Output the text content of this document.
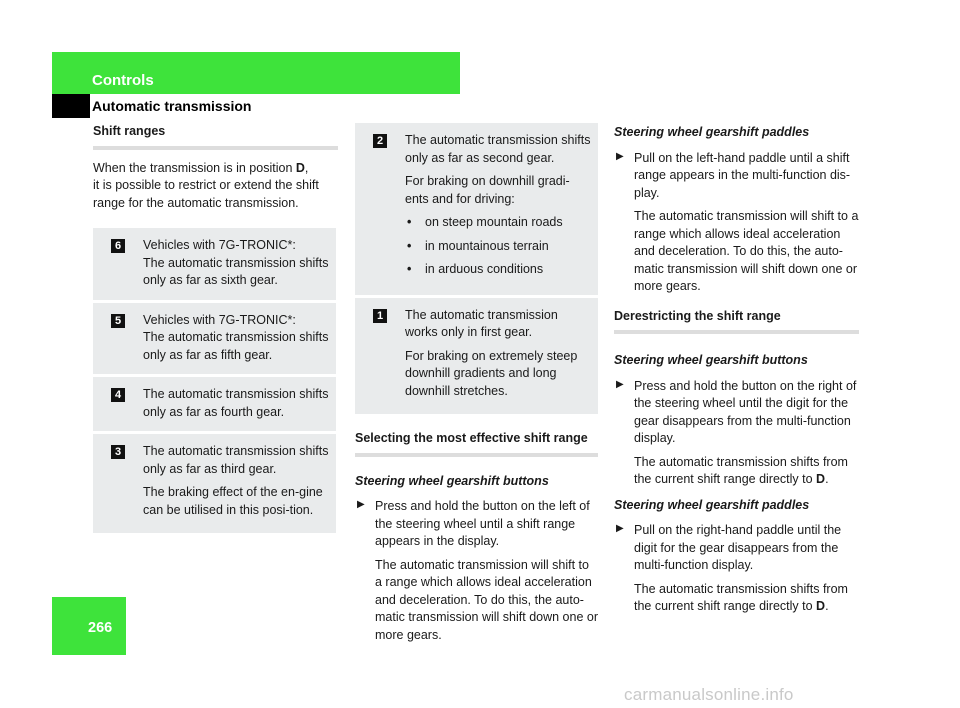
Controls
Automatic transmission
266
Shift ranges

When the transmission is in position D,
it is possible to restrict or extend the shift range for the automatic transmission.

6	Vehicles with 7G-TRONIC*:
The automatic transmission shifts only as far as sixth gear.
5	Vehicles with 7G-TRONIC*:
The automatic transmission shifts only as far as fifth gear.
4	The automatic transmission shifts only as far as fourth gear.
3	The automatic transmission shifts only as far as third gear.

The braking effect of the en-gine can be utilised in this posi-tion.

2	The automatic transmission shifts only as far as second gear.

For braking on downhill gradi-ents and for driving:

• on steep mountain roads
• in mountainous terrain
• in arduous conditions
1	The automatic transmission works only in first gear.

For braking on extremely steep downhill gradients and long downhill stretches.

Selecting the most effective shift range
Steering wheel gearshift buttons
▶ Press and hold the button on the left of the steering wheel until a shift range appears in the display.
The automatic transmission will shift to a range which allows ideal acceleration and deceleration. To do this, the auto-matic transmission will shift down one or more gears.
Steering wheel gearshift paddles
▶ Pull on the left-hand paddle until a shift range appears in the multi-function dis-play.
The automatic transmission will shift to a range which allows ideal acceleration and deceleration. To do this, the auto-matic transmission will shift down one or more gears.
Derestricting the shift range
Steering wheel gearshift buttons
▶ Press and hold the button on the right of the steering wheel until the digit for the gear disappears from the multi-function display.
The automatic transmission shifts from the current shift range directly to D.
Steering wheel gearshift paddles
▶ Pull on the right-hand paddle until the digit for the gear disappears from the multi-function display.
The automatic transmission shifts from the current shift range directly to D.
carmanualsonline.info
